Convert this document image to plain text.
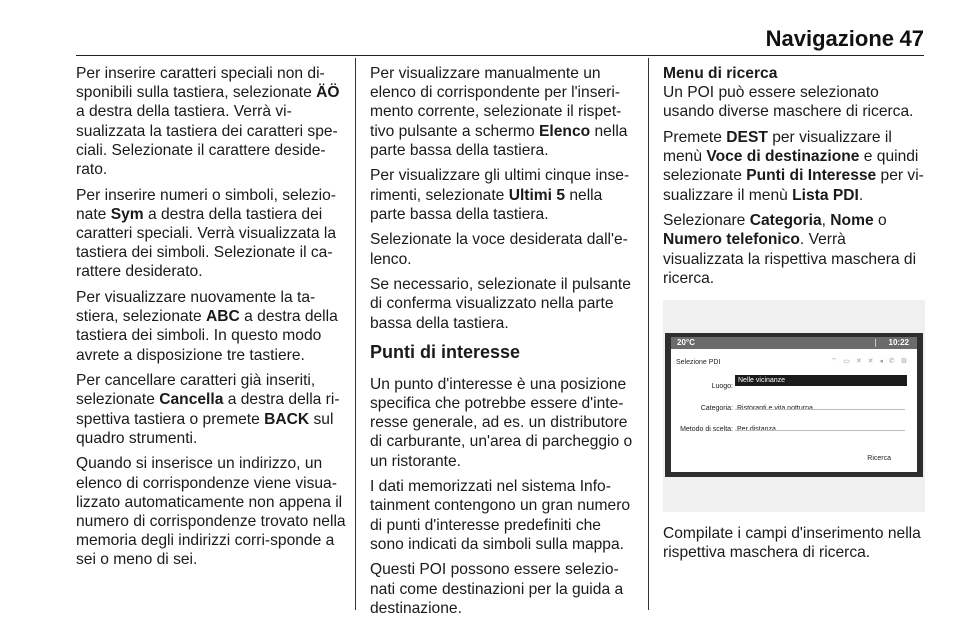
Navigazione 47

Per inserire caratteri speciali non di-sponibili sulla tastiera, selezionate ÄÖ a destra della tastiera. Verrà vi-sualizzata la tastiera dei caratteri spe-ciali. Selezionate il carattere deside-rato.

Per inserire numeri o simboli, selezio-nate Sym a destra della tastiera dei caratteri speciali. Verrà visualizzata la tastiera dei simboli. Selezionate il ca-rattere desiderato.

Per visualizzare nuovamente la ta-stiera, selezionate ABC a destra della tastiera dei simboli. In questo modo avrete a disposizione tre tastiere.

Per cancellare caratteri già inseriti, selezionate Cancella a destra della ri-spettiva tastiera o premete BACK sul quadro strumenti.

Quando si inserisce un indirizzo, un elenco di corrispondenze viene visua-lizzato automaticamente non appena il numero di corrispondenze trovato nella memoria degli indirizzi corri-sponde a sei o meno di sei.

Per visualizzare manualmente un elenco di corrispondente per l'inseri-mento corrente, selezionate il rispet-tivo pulsante a schermo Elenco nella parte bassa della tastiera.

Per visualizzare gli ultimi cinque inse-rimenti, selezionate Ultimi 5 nella parte bassa della tastiera.

Selezionate la voce desiderata dall'e-lenco.

Se necessario, selezionate il pulsante di conferma visualizzato nella parte bassa della tastiera.

Punti di interesse

Un punto d'interesse è una posizione specifica che potrebbe essere d'inte-resse generale, ad es. un distributore di carburante, un'area di parcheggio o un ristorante.

I dati memorizzati nel sistema Info-tainment contengono un gran numero di punti d'interesse predefiniti che sono indicati da simboli sulla mappa.

Questi POI possono essere selezio-nati come destinazioni per la guida a destinazione.

Menu di ricerca

Un POI può essere selezionato usando diverse maschere di ricerca.

Premete DEST per visualizzare il menù Voce di destinazione e quindi selezionate Punti di Interesse per vi-sualizzare il menù Lista PDI.

Selezionare Categoria, Nome o Numero telefonico. Verrà visualizzata la rispettiva maschera di ricerca.

20°C	10:22
Selezione PDI	⌔ ▭ ✕ ✕ ◂ ✆ ⚙
Luogo:
Nelle vicinanze
Categoria:
Metodo di scelta:
Ricerca

Compilate i campi d'inserimento nella rispettiva maschera di ricerca.
